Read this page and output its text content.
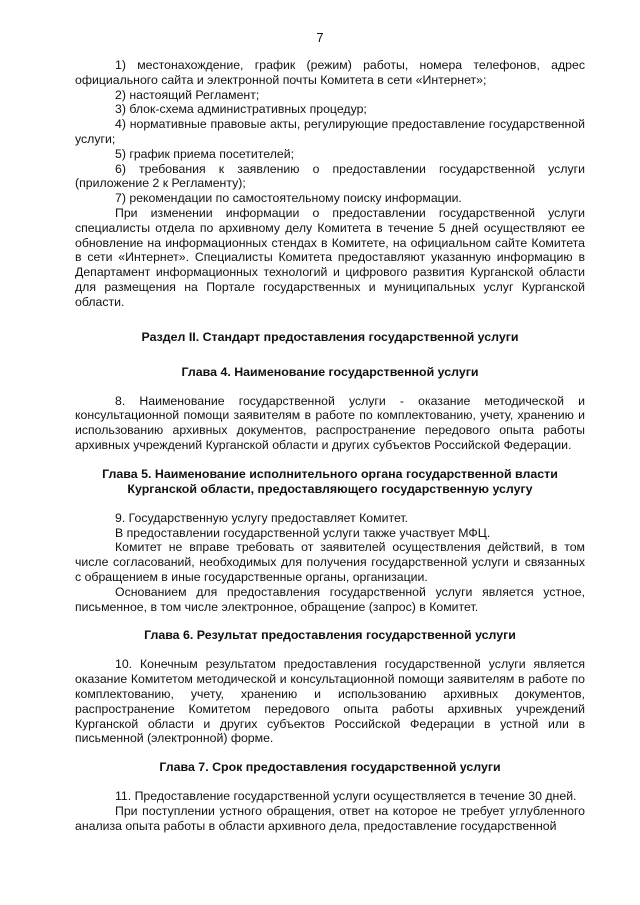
7

1) местонахождение, график (режим) работы, номера телефонов, адрес официального сайта и электронной почты Комитета в сети «Интернет»;

2) настоящий Регламент;

3) блок-схема административных процедур;

4) нормативные правовые акты, регулирующие предоставление государственной услуги;

5) график приема посетителей;

6) требования к заявлению о предоставлении государственной услуги (приложение 2 к Регламенту);

7) рекомендации по самостоятельному поиску информации.

При изменении информации о предоставлении государственной услуги специалисты отдела по архивному делу Комитета в течение 5 дней осуществляют ее обновление на информационных стендах в Комитете, на официальном сайте Комитета в сети «Интернет». Специалисты Комитета предоставляют указанную информацию в Департамент информационных технологий и цифрового развития Курганской области для размещения на Портале государственных и муниципальных услуг Курганской области.

Раздел II. Стандарт предоставления государственной услуги

Глава 4. Наименование государственной услуги

8. Наименование государственной услуги - оказание методической и консультационной помощи заявителям в работе по комплектованию, учету, хранению и использованию архивных документов, распространение передового опыта работы архивных учреждений Курганской области и других субъектов Российской Федерации.

Глава 5. Наименование исполнительного органа государственной власти

Курганской области, предоставляющего государственную услугу

9. Государственную услугу предоставляет Комитет.

В предоставлении государственной услуги также участвует МФЦ.

Комитет не вправе требовать от заявителей осуществления действий, в том числе согласований, необходимых для получения государственной услуги и связанных с обращением в иные государственные органы, организации.

Основанием для предоставления государственной услуги является устное, письменное, в том числе электронное, обращение (запрос) в Комитет.

Глава 6. Результат предоставления государственной услуги

10. Конечным результатом предоставления государственной услуги является оказание Комитетом методической и консультационной помощи заявителям в работе по комплектованию, учету, хранению и использованию архивных документов, распространение Комитетом передового опыта работы архивных учреждений Курганской области и других субъектов Российской Федерации в устной или в письменной (электронной) форме.

Глава 7. Срок предоставления государственной услуги

11. Предоставление государственной услуги осуществляется в течение 30 дней.

При поступлении устного обращения, ответ на которое не требует углубленного анализа опыта работы в области архивного дела, предоставление государственной
